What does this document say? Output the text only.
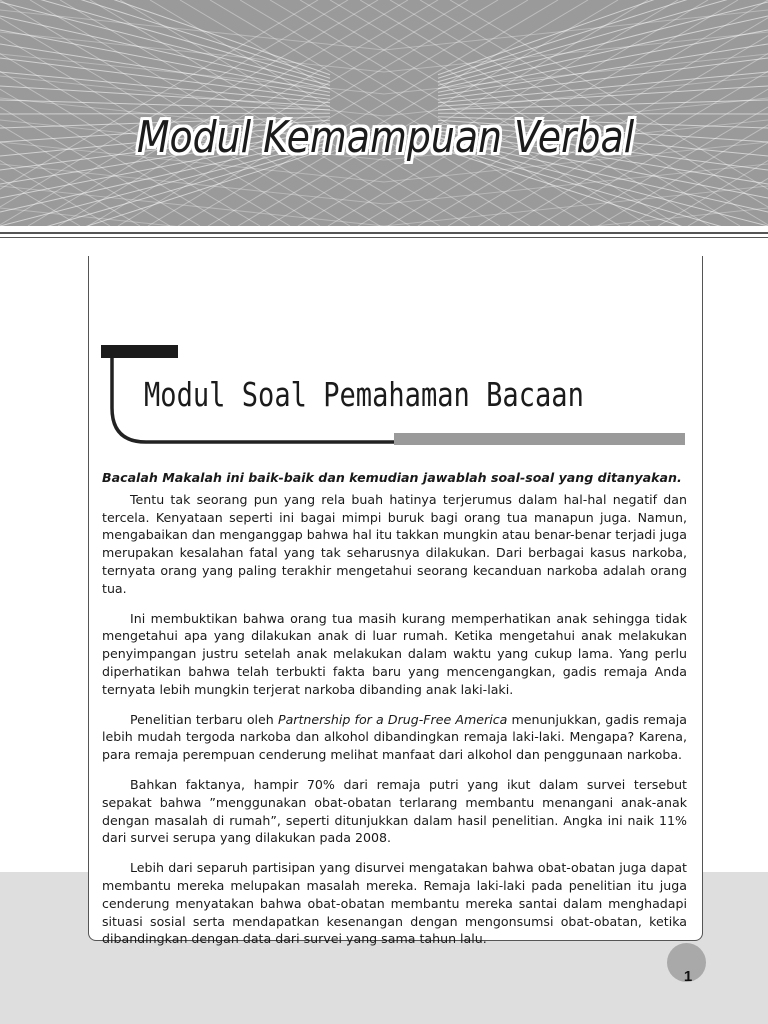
Modul Kemampuan Verbal
Modul Soal Pemahaman Bacaan

Bacalah Makalah ini baik-baik dan kemudian jawablah soal-soal yang ditanyakan.

Tentu tak seorang pun yang rela buah hatinya terjerumus dalam hal-hal negatif dan tercela. Kenyataan seperti ini bagai mimpi buruk bagi orang tua manapun juga. Namun, mengabaikan dan menganggap bahwa hal itu takkan mungkin atau benar-benar terjadi juga merupakan kesalahan fatal yang tak seharusnya dilakukan. Dari berbagai kasus narkoba, ternyata orang yang paling terakhir mengetahui seorang kecanduan narkoba adalah orang tua.

Ini membuktikan bahwa orang tua masih kurang memperhatikan anak sehingga tidak mengetahui apa yang dilakukan anak di luar rumah. Ketika mengetahui anak melakukan penyimpangan justru setelah anak melakukan dalam waktu yang cukup lama. Yang perlu diperhatikan bahwa telah terbukti fakta baru yang mencengangkan, gadis remaja Anda ternyata lebih mungkin terjerat narkoba dibanding anak laki-laki.

Penelitian terbaru oleh Partnership for a Drug-Free America menunjukkan, gadis remaja lebih mudah tergoda narkoba dan alkohol dibandingkan remaja laki-laki. Mengapa? Karena, para remaja perempuan cenderung melihat manfaat dari alkohol dan penggunaan narkoba.

Bahkan faktanya, hampir 70% dari remaja putri yang ikut dalam survei tersebut sepakat bahwa ”menggunakan obat-obatan terlarang membantu menangani anak-anak dengan masalah di rumah”, seperti ditunjukkan dalam hasil penelitian. Angka ini naik 11% dari survei serupa yang dilakukan pada 2008.

Lebih dari separuh partisipan yang disurvei mengatakan bahwa obat-obatan juga dapat membantu mereka melupakan masalah mereka. Remaja laki-laki pada penelitian itu juga cenderung menyatakan bahwa obat-obatan membantu mereka santai dalam menghadapi situasi sosial serta mendapatkan kesenangan dengan mengonsumsi obat-obatan, ketika dibandingkan dengan data dari survei yang sama tahun lalu.

1
